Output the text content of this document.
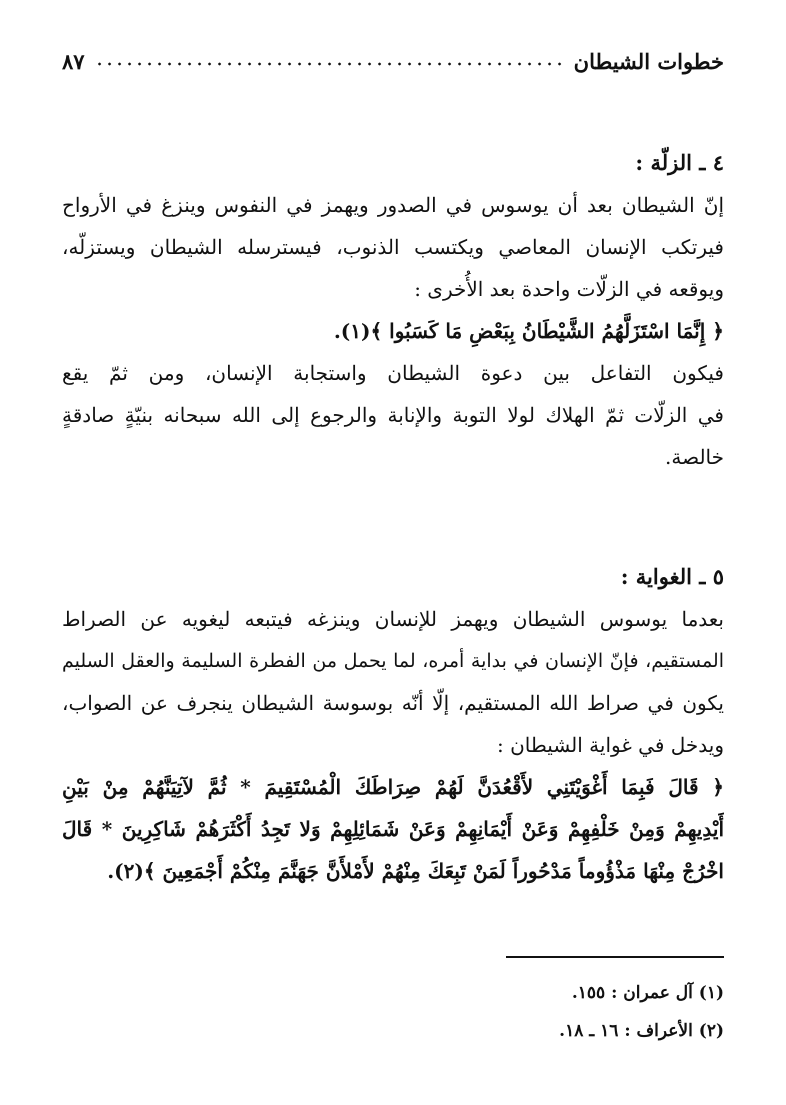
٨٧	خطوات الشيطان
٤ ـ الزلّة :
إنّ الشيطان بعد أن يوسوس في الصدور ويهمز في النفوس وينزغ في الأرواح
فيرتكب الإنسان المعاصي ويكتسب الذنوب، فيسترسله الشيطان ويستزلّه،
ويوقعه في الزلّات واحدة بعد الأُخرى :
﴿ إِنَّمَا اسْتَزَلَّهُمُ الشَّيْطَانُ بِبَعْضِ مَا كَسَبُوا ﴾(١).
فيكون التفاعل بين دعوة الشيطان واستجابة الإنسان، ومن ثمّ يقع
في الزلّات ثمّ الهلاك لولا التوبة والإنابة والرجوع إلى الله سبحانه بنيّةٍ صادقةٍ
خالصة.
٥ ـ الغواية :
بعدما يوسوس الشيطان ويهمز للإنسان وينزغه فيتبعه ليغويه عن الصراط
المستقيم، فإنّ الإنسان في بداية أمره، لما يحمل من الفطرة السليمة والعقل السليم
يكون في صراط الله المستقيم، إلّا أنّه بوسوسة الشيطان ينجرف عن الصواب،
ويدخل في غواية الشيطان :
﴿ قَالَ فَبِمَا أَغْوَيْتَنِي لأَقْعُدَنَّ لَهُمْ صِرَاطَكَ الْمُسْتَقِيمَ * ثُمَّ لآتِيَنَّهُمْ مِنْ بَيْنِ
أَيْدِيهِمْ وَمِنْ خَلْفِهِمْ وَعَنْ أَيْمَانِهِمْ وَعَنْ شَمَائِلِهِمْ وَلا تَجِدُ أَكْثَرَهُمْ شَاكِرِينَ * قَالَ
اخْرُجْ مِنْهَا مَذْؤُوماً مَدْحُوراً لَمَنْ تَبِعَكَ مِنْهُمْ لأَمْلأَنَّ جَهَنَّمَ مِنْكُمْ أَجْمَعِينَ ﴾(٢).
(١) آل عمران : ١٥٥.
(٢) الأعراف : ١٦ ـ ١٨.
